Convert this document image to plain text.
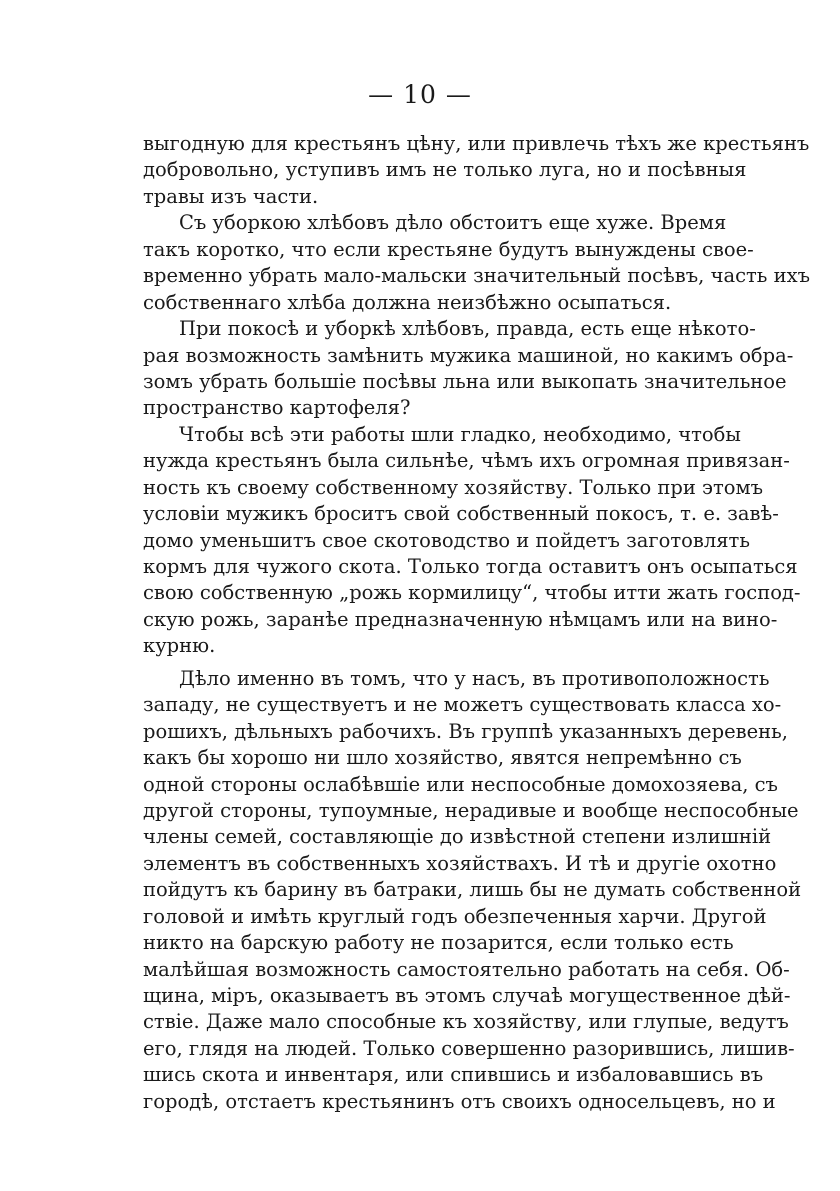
— 10 —
выгодную для крестьянъ цѣну, или привлечь тѣхъ же крестьянъ
добровольно, уступивъ имъ не только луга, но и посѣвныя
травы изъ части.
Съ уборкою хлѣбовъ дѣло обстоитъ еще хуже. Время
такъ коротко, что если крестьяне будутъ вынуждены свое-
временно убрать мало-мальски значительный посѣвъ, часть ихъ
собственнаго хлѣба должна неизбѣжно осыпаться.
При покосѣ и уборкѣ хлѣбовъ, правда, есть еще нѣкото-
рая возможность замѣнить мужика машиной, но какимъ обра-
зомъ убрать большіе посѣвы льна или выкопать значительное
пространство картофеля?
Чтобы всѣ эти работы шли гладко, необходимо, чтобы
нужда крестьянъ была сильнѣе, чѣмъ ихъ огромная привязан-
ность къ своему собственному хозяйству. Только при этомъ
условіи мужикъ броситъ свой собственный покосъ, т. е. завѣ-
домо уменьшитъ свое скотоводство и пойдетъ заготовлять
кормъ для чужого скота. Только тогда оставитъ онъ осыпаться
свою собственную „рожь кормилицу“, чтобы итти жать господ-
скую рожь, заранѣе предназначенную нѣмцамъ или на вино-
курню.
Дѣло именно въ томъ, что у насъ, въ противоположность
западу, не существуетъ и не можетъ существовать класса хо-
рошихъ, дѣльныхъ рабочихъ. Въ группѣ указанныхъ деревень,
какъ бы хорошо ни шло хозяйство, явятся непремѣнно съ
одной стороны ослабѣвшіе или неспособные домохозяева, съ
другой стороны, тупоумные, нерадивые и вообще неспособные
члены семей, составляющіе до извѣстной степени излишній
элементъ въ собственныхъ хозяйствахъ. И тѣ и другіе охотно
пойдутъ къ барину въ батраки, лишь бы не думать собственной
головой и имѣть круглый годъ обезпеченныя харчи. Другой
никто на барскую работу не позарится, если только есть
малѣйшая возможность самостоятельно работать на себя. Об-
щина, міръ, оказываетъ въ этомъ случаѣ могущественное дѣй-
ствіе. Даже мало способные къ хозяйству, или глупые, ведутъ
его, глядя на людей. Только совершенно разорившись, лишив-
шись скота и инвентаря, или спившись и избаловавшись въ
городѣ, отстаетъ крестьянинъ отъ своихъ односельцевъ, но и
